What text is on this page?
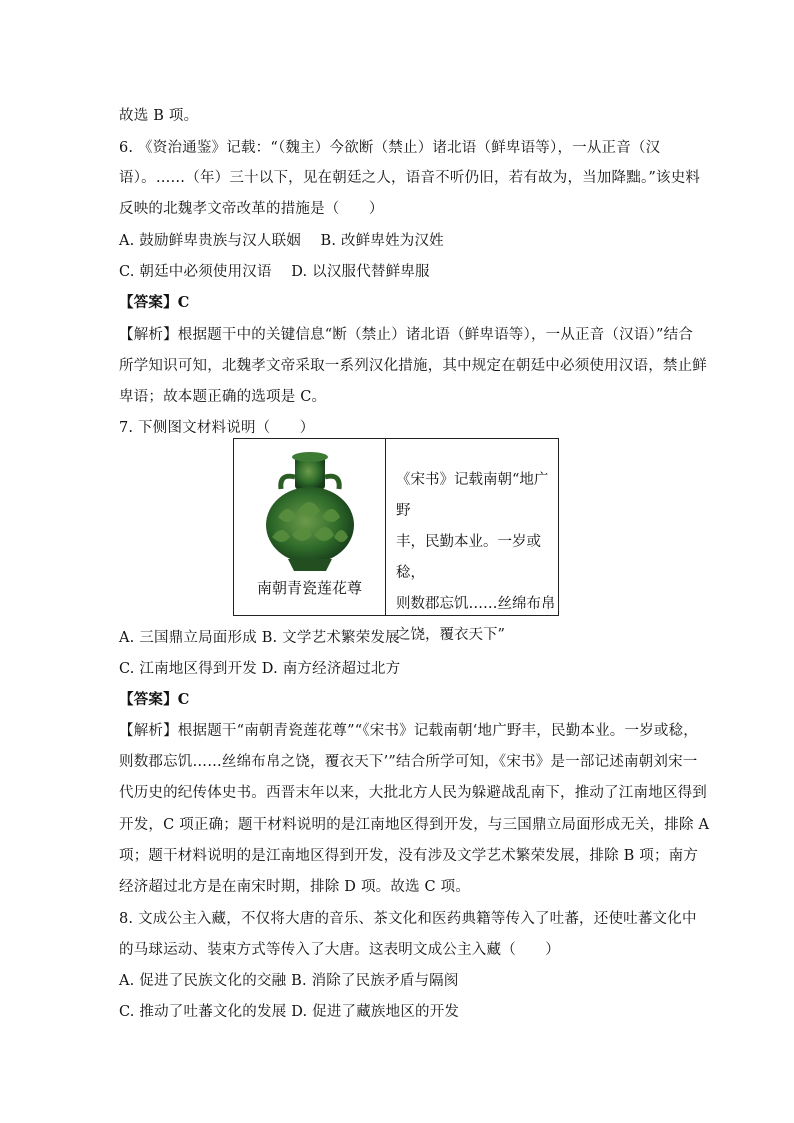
故选 B 项。
6. 《资治通鉴》记载：“（魏主）今欲断（禁止）诸北语（鲜卑语等），一从正音（汉
语）。……（年）三十以下，见在朝廷之人，语音不听仍旧，若有故为，当加降黜。”该史料
反映的北魏孝文帝改革的措施是（　　）
A. 鼓励鲜卑贵族与汉人联姻　 B. 改鲜卑姓为汉姓
C. 朝廷中必须使用汉语　 D. 以汉服代替鲜卑服
【答案】C
【解析】根据题干中的关键信息“断（禁止）诸北语（鲜卑语等），一从正音（汉语）”结合
所学知识可知，北魏孝文帝采取一系列汉化措施，其中规定在朝廷中必须使用汉语，禁止鲜
卑语；故本题正确的选项是 C。
7. 下侧图文材料说明（　　）
南朝青瓷莲花尊
《宋书》记载南朝“地广野
丰，民勤本业。一岁或稔，
则数郡忘饥……丝绵布帛
之饶，覆衣天下”
A. 三国鼎立局面形成 B. 文学艺术繁荣发展
C. 江南地区得到开发 D. 南方经济超过北方
【答案】C
【解析】根据题干“南朝青瓷莲花尊”“《宋书》记载南朝‘地广野丰，民勤本业。一岁或稔，
则数郡忘饥……丝绵布帛之饶，覆衣天下’”结合所学可知，《宋书》是一部记述南朝刘宋一
代历史的纪传体史书。西晋末年以来，大批北方人民为躲避战乱南下，推动了江南地区得到
开发，C 项正确；题干材料说明的是江南地区得到开发，与三国鼎立局面形成无关，排除 A
项；题干材料说明的是江南地区得到开发，没有涉及文学艺术繁荣发展，排除 B 项；南方
经济超过北方是在南宋时期，排除 D 项。故选 C 项。
8. 文成公主入藏，不仅将大唐的音乐、茶文化和医药典籍等传入了吐蕃，还使吐蕃文化中
的马球运动、装束方式等传入了大唐。这表明文成公主入藏（　　）
A. 促进了民族文化的交融 B. 消除了民族矛盾与隔阂
C. 推动了吐蕃文化的发展 D. 促进了藏族地区的开发
